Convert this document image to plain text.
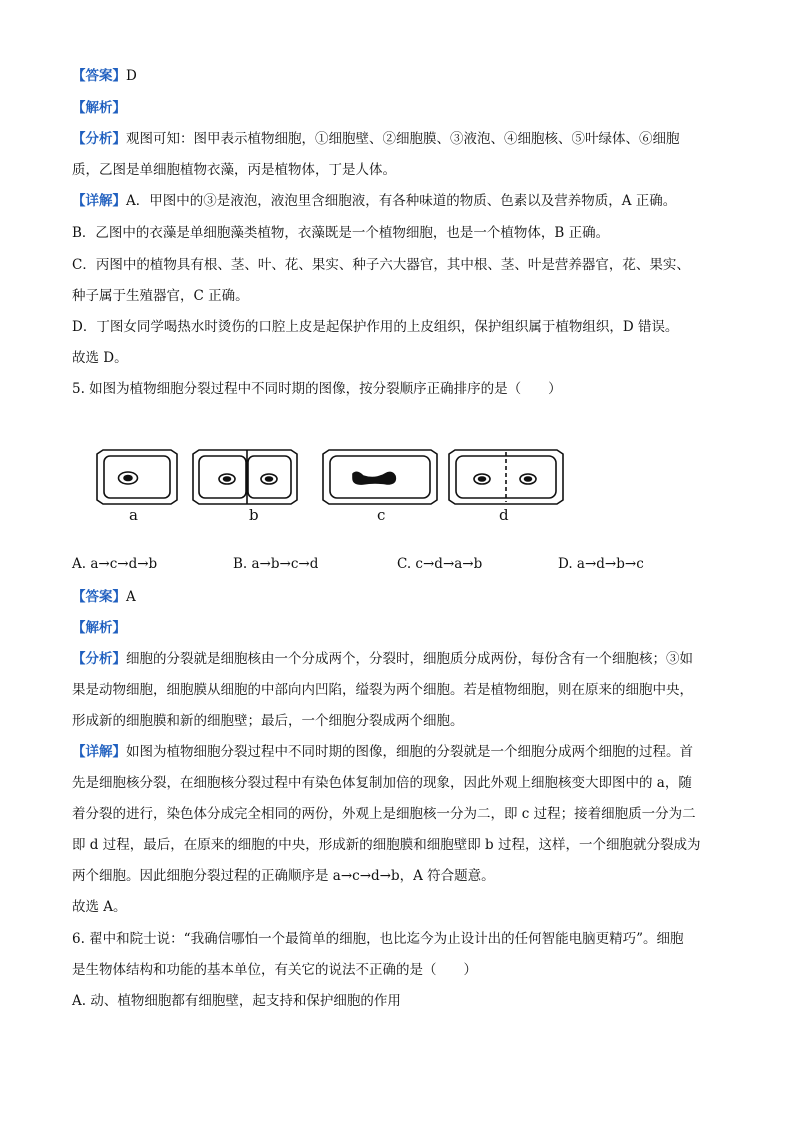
【答案】D
【解析】
【分析】观图可知：图甲表示植物细胞，①细胞壁、②细胞膜、③液泡、④细胞核、⑤叶绿体、⑥细胞
质，乙图是单细胞植物衣藻，丙是植物体，丁是人体。
【详解】A．甲图中的③是液泡，液泡里含细胞液，有各种味道的物质、色素以及营养物质，A 正确。
B．乙图中的衣藻是单细胞藻类植物，衣藻既是一个植物细胞，也是一个植物体，B 正确。
C．丙图中的植物具有根、茎、叶、花、果实、种子六大器官，其中根、茎、叶是营养器官，花、果实、
种子属于生殖器官，C 正确。
D．丁图女同学喝热水时烫伤的口腔上皮是起保护作用的上皮组织，保护组织属于植物组织，D 错误。
故选 D。
5. 如图为植物细胞分裂过程中不同时期的图像，按分裂顺序正确排序的是（　　）
a	b	c	d
A. a→c→d→b	B. a→b→c→d	C. c→d→a→b	D. a→d→b→c
【答案】A
【解析】
【分析】细胞的分裂就是细胞核由一个分成两个，分裂时，细胞质分成两份，每份含有一个细胞核；③如
果是动物细胞，细胞膜从细胞的中部向内凹陷，缢裂为两个细胞。若是植物细胞，则在原来的细胞中央，
形成新的细胞膜和新的细胞壁；最后，一个细胞分裂成两个细胞。
【详解】如图为植物细胞分裂过程中不同时期的图像，细胞的分裂就是一个细胞分成两个细胞的过程。首
先是细胞核分裂，在细胞核分裂过程中有染色体复制加倍的现象，因此外观上细胞核变大即图中的 a，随
着分裂的进行，染色体分成完全相同的两份，外观上是细胞核一分为二，即 c 过程；接着细胞质一分为二
即 d 过程，最后，在原来的细胞的中央，形成新的细胞膜和细胞壁即 b 过程，这样，一个细胞就分裂成为
两个细胞。因此细胞分裂过程的正确顺序是 a→c→d→b，A 符合题意。
故选 A。
6. 翟中和院士说：“我确信哪怕一个最简单的细胞，也比迄今为止设计出的任何智能电脑更精巧”。细胞
是生物体结构和功能的基本单位，有关它的说法不正确的是（　　）
A. 动、植物细胞都有细胞壁，起支持和保护细胞的作用
